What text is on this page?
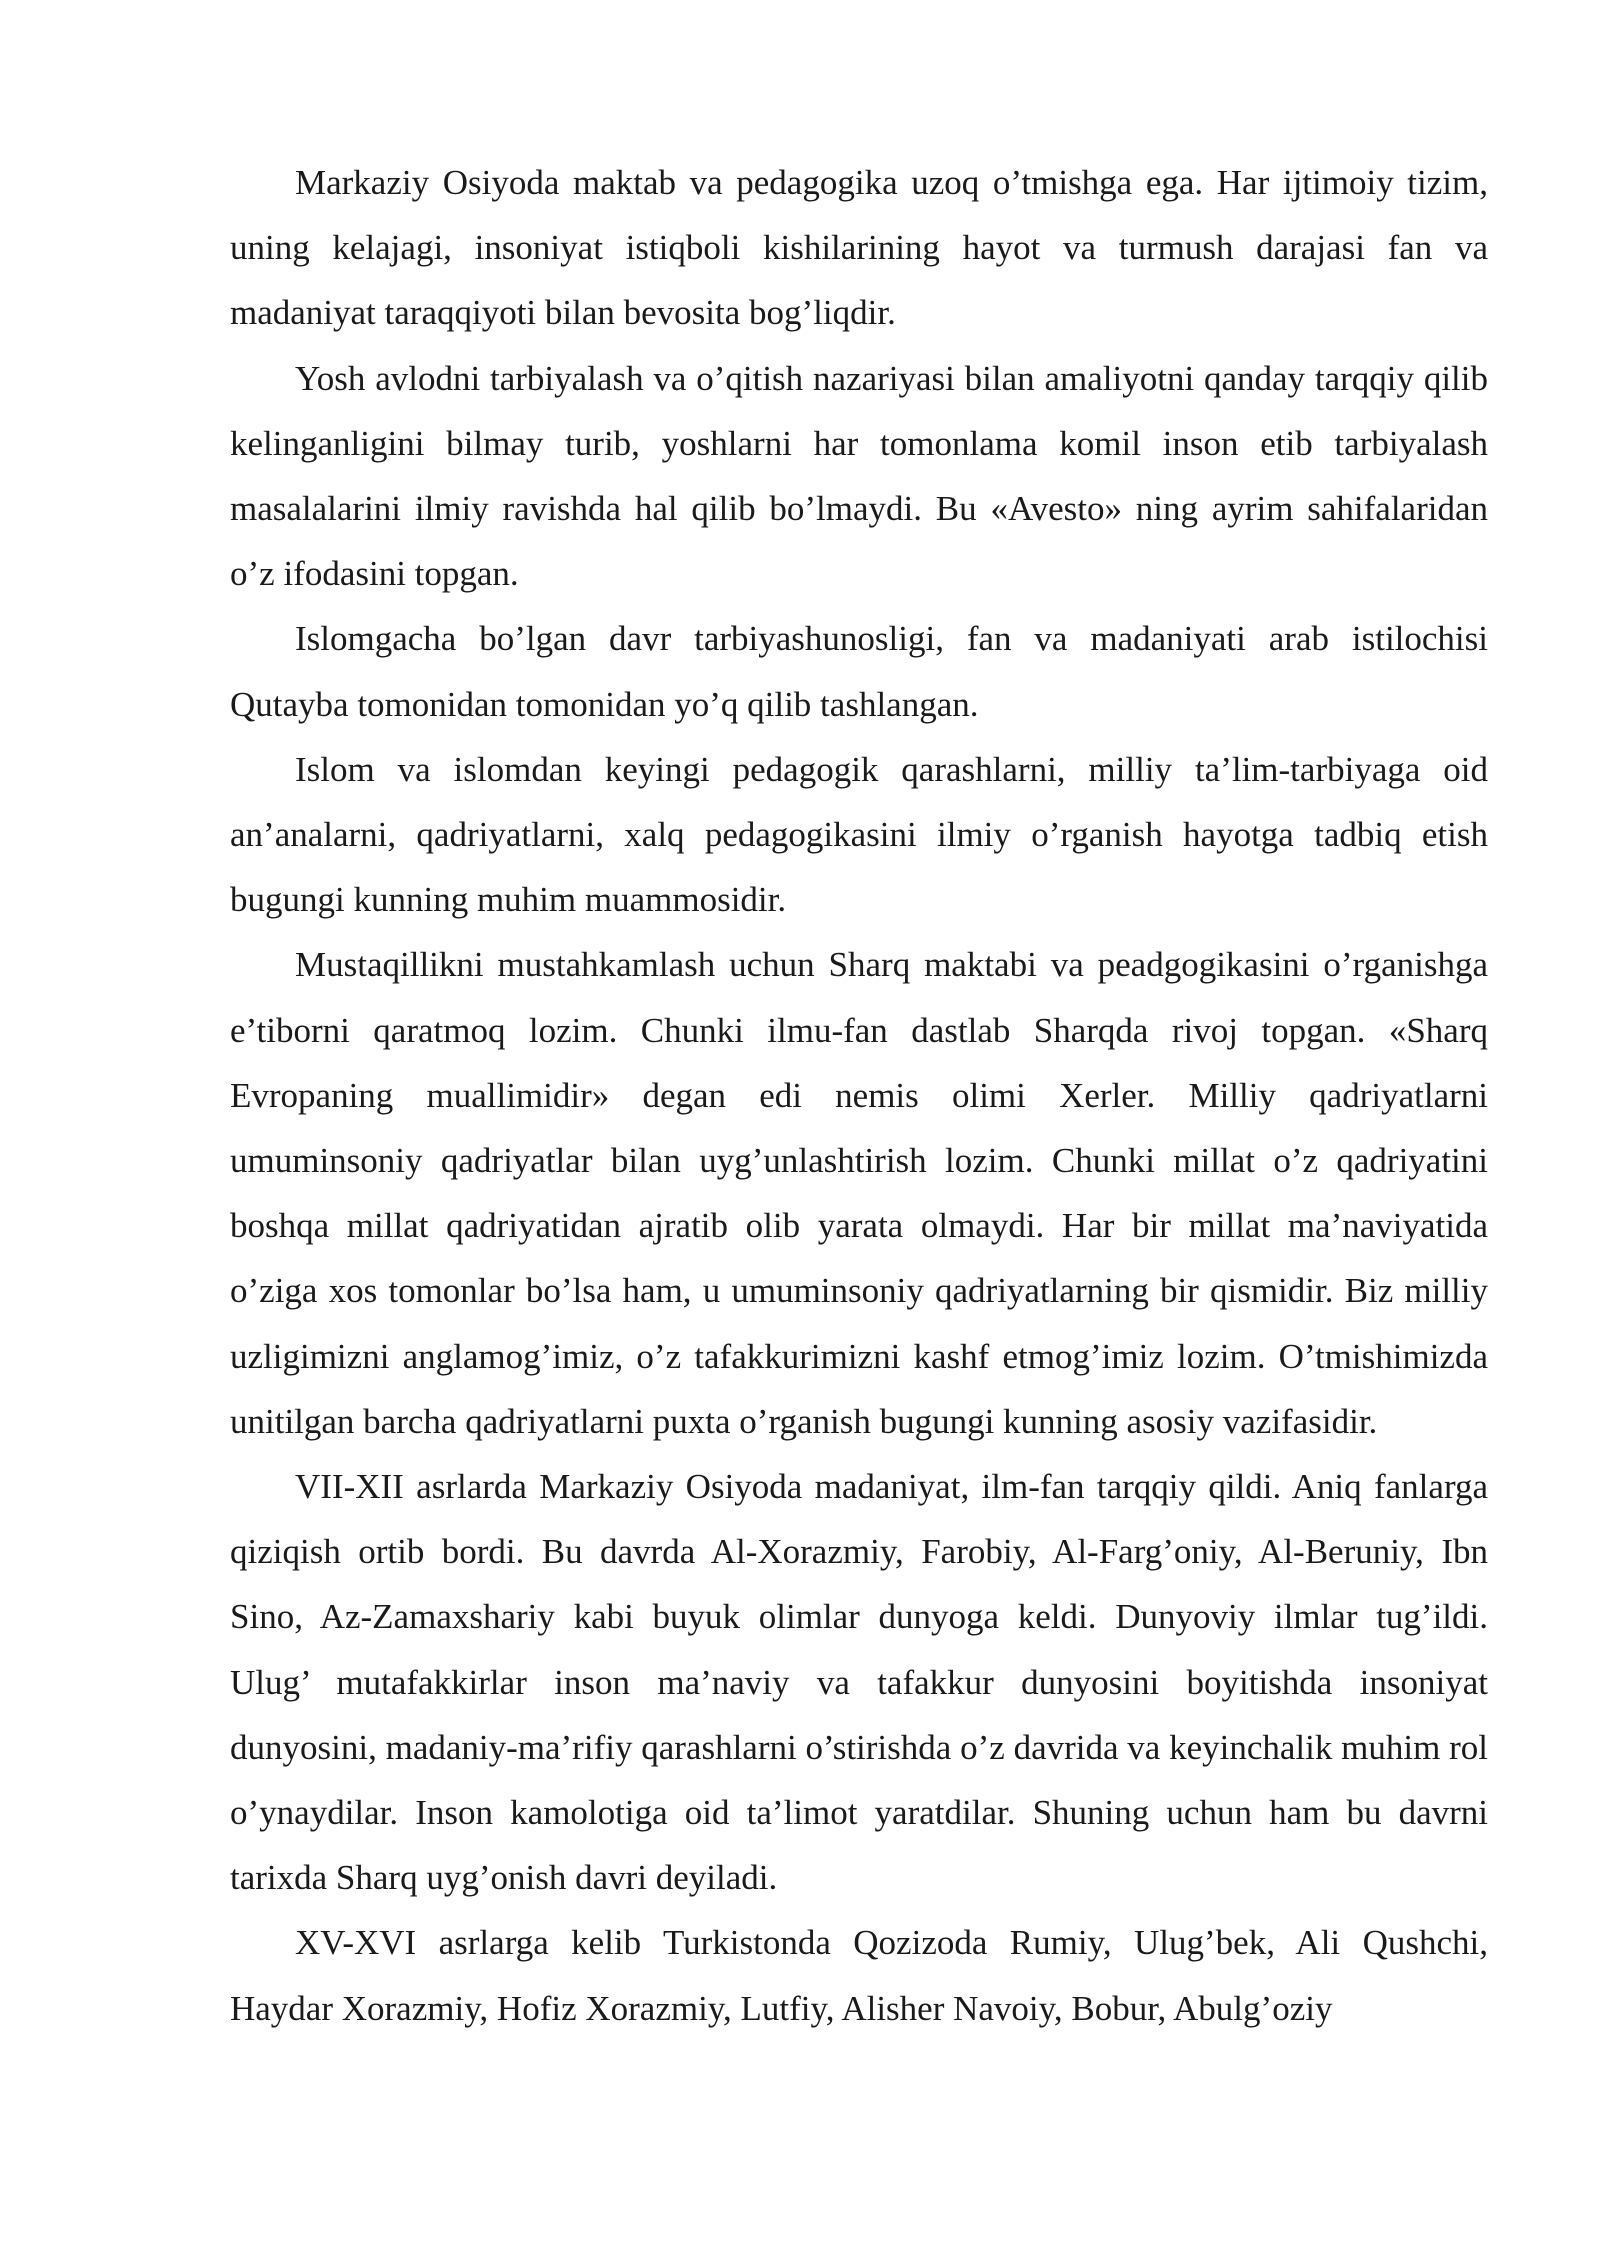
Markaziy Osiyoda maktab va pedagogika uzoq o’tmishga ega. Har ijtimoiy tizim, uning kelajagi, insoniyat istiqboli kishilarining hayot va turmush darajasi fan va madaniyat taraqqiyoti bilan bevosita bog’liqdir.

Yosh avlodni tarbiyalash va o’qitish nazariyasi bilan amaliyotni qanday tarqqiy qilib kelinganligini bilmay turib, yoshlarni har tomonlama komil inson etib tarbiyalash masalalarini ilmiy ravishda hal qilib bo’lmaydi. Bu «Avesto» ning ayrim sahifalaridan o’z ifodasini topgan.

Islomgacha bo’lgan davr tarbiyashunosligi, fan va madaniyati arab istilochisi Qutayba tomonidan tomonidan yo’q qilib tashlangan.

Islom va islomdan keyingi pedagogik qarashlarni, milliy ta’lim-tarbiyaga oid an’analarni, qadriyatlarni, xalq pedagogikasini ilmiy o’rganish hayotga tadbiq etish bugungi kunning muhim muammosidir.

Mustaqillikni mustahkamlash uchun Sharq maktabi va peadgogikasini o’rganishga e’tiborni qaratmoq lozim. Chunki ilmu-fan dastlab Sharqda rivoj topgan. «Sharq Evropaning muallimidir» degan edi nemis olimi Xerler. Milliy qadriyatlarni umuminsoniy qadriyatlar bilan uyg’unlashtirish lozim. Chunki millat o’z qadriyatini boshqa millat qadriyatidan ajratib olib yarata olmaydi. Har bir millat ma’naviyatida o’ziga xos tomonlar bo’lsa ham, u umuminsoniy qadriyatlarning bir qismidir. Biz milliy uzligimizni anglamog’imiz, o’z tafakkurimizni kashf etmog’imiz lozim. O’tmishimizda unitilgan barcha qadriyatlarni puxta o’rganish bugungi kunning asosiy vazifasidir.

VII-XII asrlarda Markaziy Osiyoda madaniyat, ilm-fan tarqqiy qildi. Aniq fanlarga qiziqish ortib bordi. Bu davrda Al-Xorazmiy, Farobiy, Al-Farg’oniy, Al-Beruniy, Ibn Sino, Az-Zamaxshariy kabi buyuk olimlar dunyoga keldi. Dunyoviy ilmlar tug’ildi. Ulug’ mutafakkirlar inson ma’naviy va tafakkur dunyosini boyitishda insoniyat dunyosini, madaniy-ma’rifiy qarashlarni o’stirishda o’z davrida va keyinchalik muhim rol o’ynaydilar. Inson kamolotiga oid ta’limot yaratdilar. Shuning uchun ham bu davrni tarixda Sharq uyg’onish davri deyiladi.

XV-XVI asrlarga kelib Turkistonda Qozizoda Rumiy, Ulug’bek, Ali Qushchi, Haydar Xorazmiy, Hofiz Xorazmiy, Lutfiy, Alisher Navoiy, Bobur, Abulg’oziy
